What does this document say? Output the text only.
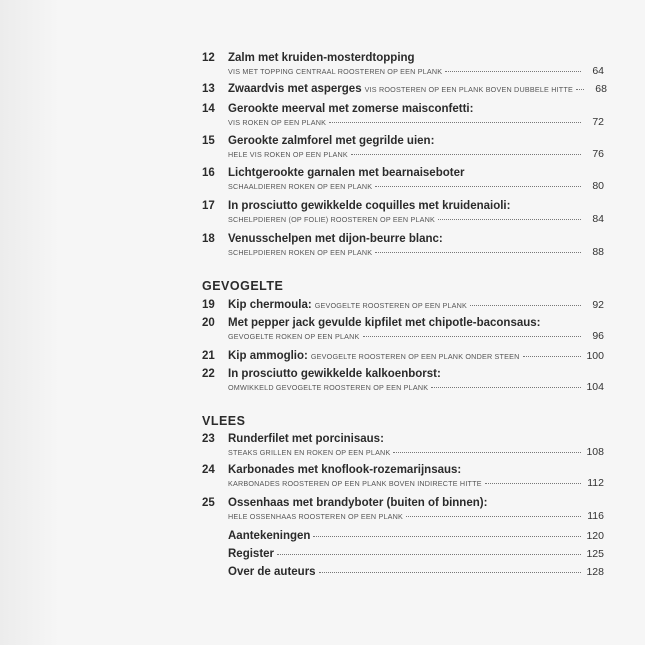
12 Zalm met kruiden-mosterdtopping
VIS MET TOPPING CENTRAAL ROOSTEREN OP EEN PLANK	64
13 Zwaardvis met asperges VIS ROOSTEREN OP EEN PLANK BOVEN DUBBELE HITTE	68
14 Gerookte meerval met zomerse maisconfetti:
VIS ROKEN OP EEN PLANK	72
15 Gerookte zalmforel met gegrilde uien:
HELE VIS ROKEN OP EEN PLANK	76
16 Lichtgerookte garnalen met bearnaiseboter
SCHAALDIEREN ROKEN OP EEN PLANK	80
17 In prosciutto gewikkelde coquilles met kruidenaioli:
SCHELPDIEREN (OP FOLIE) ROOSTEREN OP EEN PLANK	84
18 Venusschelpen met dijon-beurre blanc:
SCHELPDIEREN ROKEN OP EEN PLANK	88
GEVOGELTE
19 Kip chermoula: GEVOGELTE ROOSTEREN OP EEN PLANK	92
20 Met pepper jack gevulde kipfilet met chipotle-baconsaus:
GEVOGELTE ROKEN OP EEN PLANK	96
21 Kip ammoglio: GEVOGELTE ROOSTEREN OP EEN PLANK ONDER STEEN	100
22 In prosciutto gewikkelde kalkoenborst:
OMWIKKELD GEVOGELTE ROOSTEREN OP EEN PLANK	104
VLEES
23 Runderfilet met porcinisaus:
STEAKS GRILLEN EN ROKEN OP EEN PLANK	108
24 Karbonades met knoflook-rozemarijnsaus:
KARBONADES ROOSTEREN OP EEN PLANK BOVEN INDIRECTE HITTE	112
25 Ossenhaas met brandyboter (buiten of binnen):
HELE OSSENHAAS ROOSTEREN OP EEN PLANK	116
Aantekeningen	120
Register	125
Over de auteurs	128
